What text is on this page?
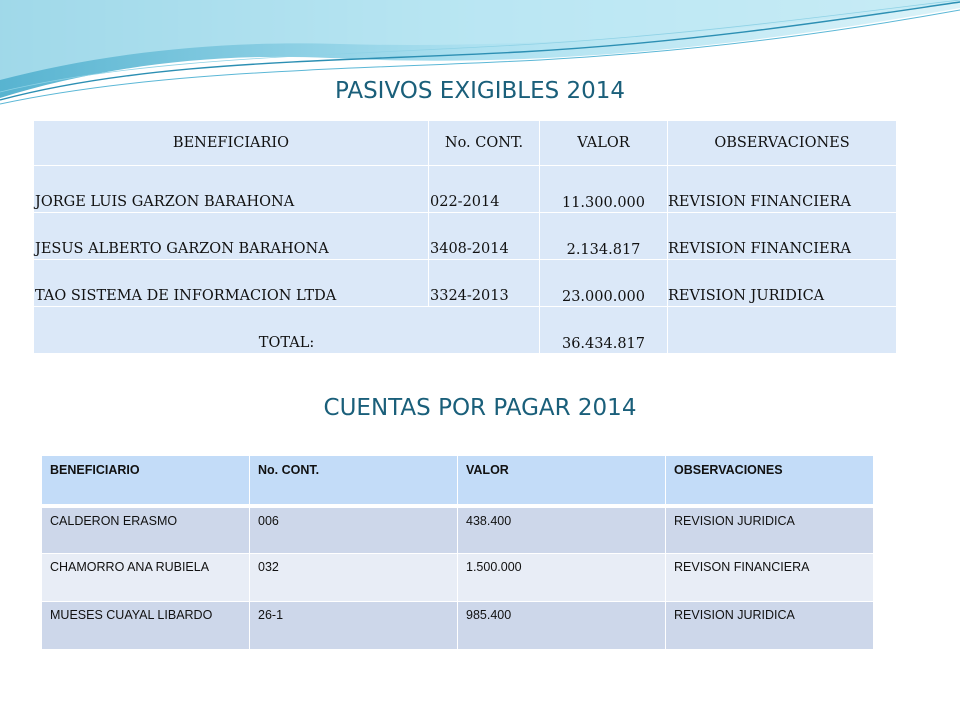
PASIVOS EXIGIBLES 2014
BENEFICIARIO	No. CONT.	VALOR	OBSERVACIONES
JORGE LUIS GARZON BARAHONA	022-2014	11.300.000	REVISION FINANCIERA
JESUS ALBERTO GARZON BARAHONA	3408-2014	2.134.817	REVISION FINANCIERA
TAO SISTEMA DE INFORMACION LTDA	3324-2013	23.000.000	REVISION JURIDICA
TOTAL:		36.434.817	
CUENTAS POR PAGAR 2014
BENEFICIARIO	No. CONT.	VALOR	OBSERVACIONES
CALDERON ERASMO	006	438.400	REVISION JURIDICA
CHAMORRO ANA RUBIELA	032	1.500.000	REVISON FINANCIERA
MUESES CUAYAL LIBARDO	26-1	985.400	REVISION JURIDICA
